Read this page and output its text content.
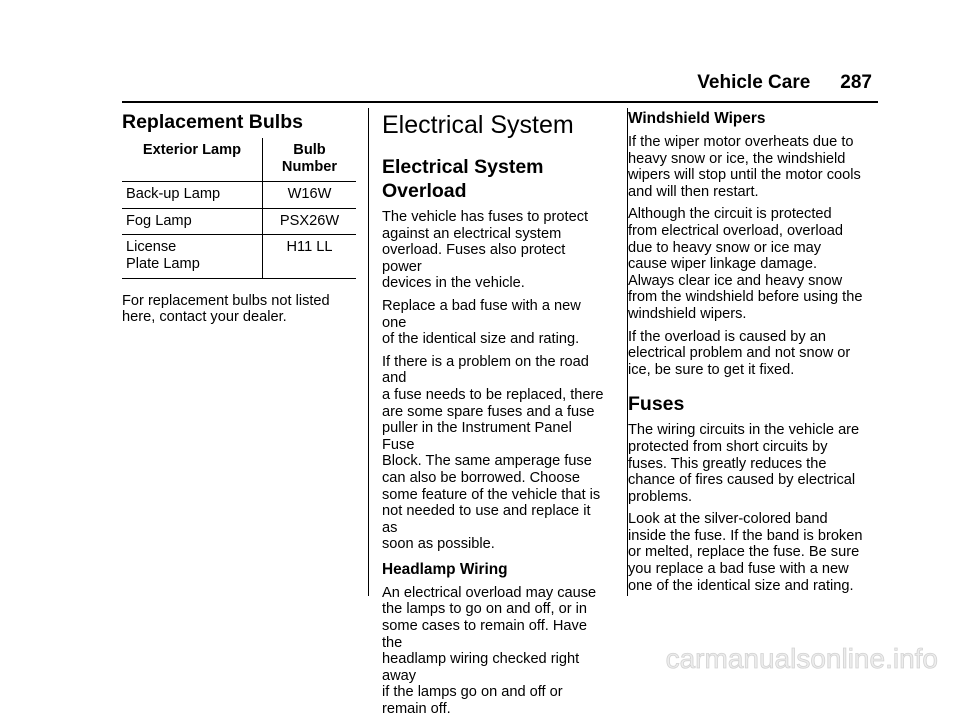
Vehicle Care 287
Replacement Bulbs
Exterior Lamp	Bulb
Number
Back-up Lamp	W16W
Fog Lamp	PSX26W
License
Plate Lamp	H11 LL

For replacement bulbs not listed
here, contact your dealer.

Electrical System
Electrical System
Overload

The vehicle has fuses to protect
against an electrical system
overload. Fuses also protect power
devices in the vehicle.

Replace a bad fuse with a new one
of the identical size and rating.

If there is a problem on the road and
a fuse needs to be replaced, there
are some spare fuses and a fuse
puller in the Instrument Panel Fuse
Block. The same amperage fuse
can also be borrowed. Choose
some feature of the vehicle that is
not needed to use and replace it as
soon as possible.

Headlamp Wiring

An electrical overload may cause
the lamps to go on and off, or in
some cases to remain off. Have the
headlamp wiring checked right away
if the lamps go on and off or
remain off.

Windshield Wipers

If the wiper motor overheats due to
heavy snow or ice, the windshield
wipers will stop until the motor cools
and will then restart.

Although the circuit is protected
from electrical overload, overload
due to heavy snow or ice may
cause wiper linkage damage.
Always clear ice and heavy snow
from the windshield before using the
windshield wipers.

If the overload is caused by an
electrical problem and not snow or
ice, be sure to get it fixed.

Fuses

The wiring circuits in the vehicle are
protected from short circuits by
fuses. This greatly reduces the
chance of fires caused by electrical
problems.

Look at the silver-colored band
inside the fuse. If the band is broken
or melted, replace the fuse. Be sure
you replace a bad fuse with a new
one of the identical size and rating.

carmanualsonline.info
